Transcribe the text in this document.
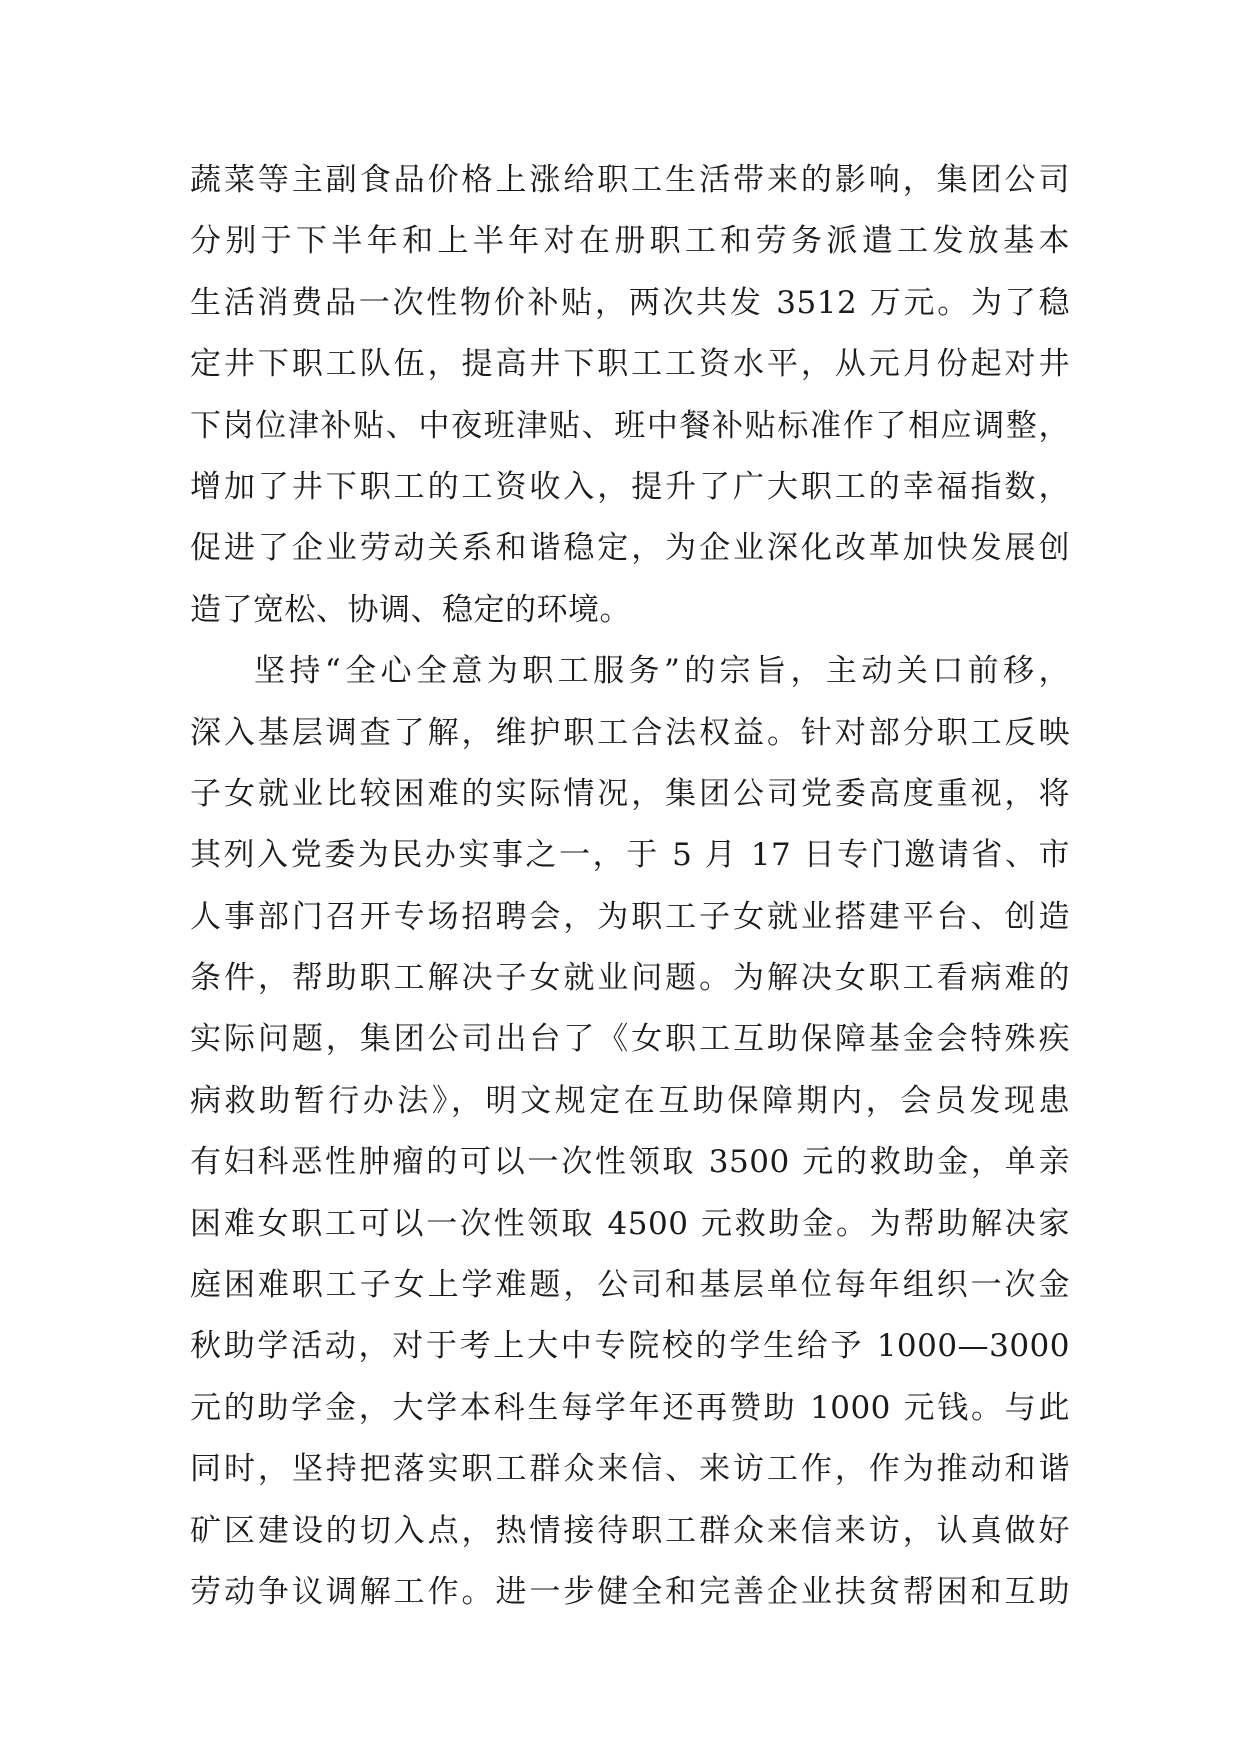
蔬菜等主副食品价格上涨给职工生活带来的影响，集团公司
分别于下半年和上半年对在册职工和劳务派遣工发放基本
生活消费品一次性物价补贴，两次共发 3512 万元。为了稳
定井下职工队伍，提高井下职工工资水平，从元月份起对井
下岗位津补贴、中夜班津贴、班中餐补贴标准作了相应调整，
增加了井下职工的工资收入，提升了广大职工的幸福指数，
促进了企业劳动关系和谐稳定，为企业深化改革加快发展创
造了宽松、协调、稳定的环境。
坚持“全心全意为职工服务”的宗旨，主动关口前移，
深入基层调查了解，维护职工合法权益。针对部分职工反映
子女就业比较困难的实际情况，集团公司党委高度重视，将
其列入党委为民办实事之一，于 5 月 17 日专门邀请省、市
人事部门召开专场招聘会，为职工子女就业搭建平台、创造
条件，帮助职工解决子女就业问题。为解决女职工看病难的
实际问题，集团公司出台了《女职工互助保障基金会特殊疾
病救助暂行办法》，明文规定在互助保障期内，会员发现患
有妇科恶性肿瘤的可以一次性领取 3500 元的救助金，单亲
困难女职工可以一次性领取 4500 元救助金。为帮助解决家
庭困难职工子女上学难题，公司和基层单位每年组织一次金
秋助学活动，对于考上大中专院校的学生给予 1000—3000
元的助学金，大学本科生每学年还再赞助 1000 元钱。与此
同时，坚持把落实职工群众来信、来访工作，作为推动和谐
矿区建设的切入点，热情接待职工群众来信来访，认真做好
劳动争议调解工作。进一步健全和完善企业扶贫帮困和互助
